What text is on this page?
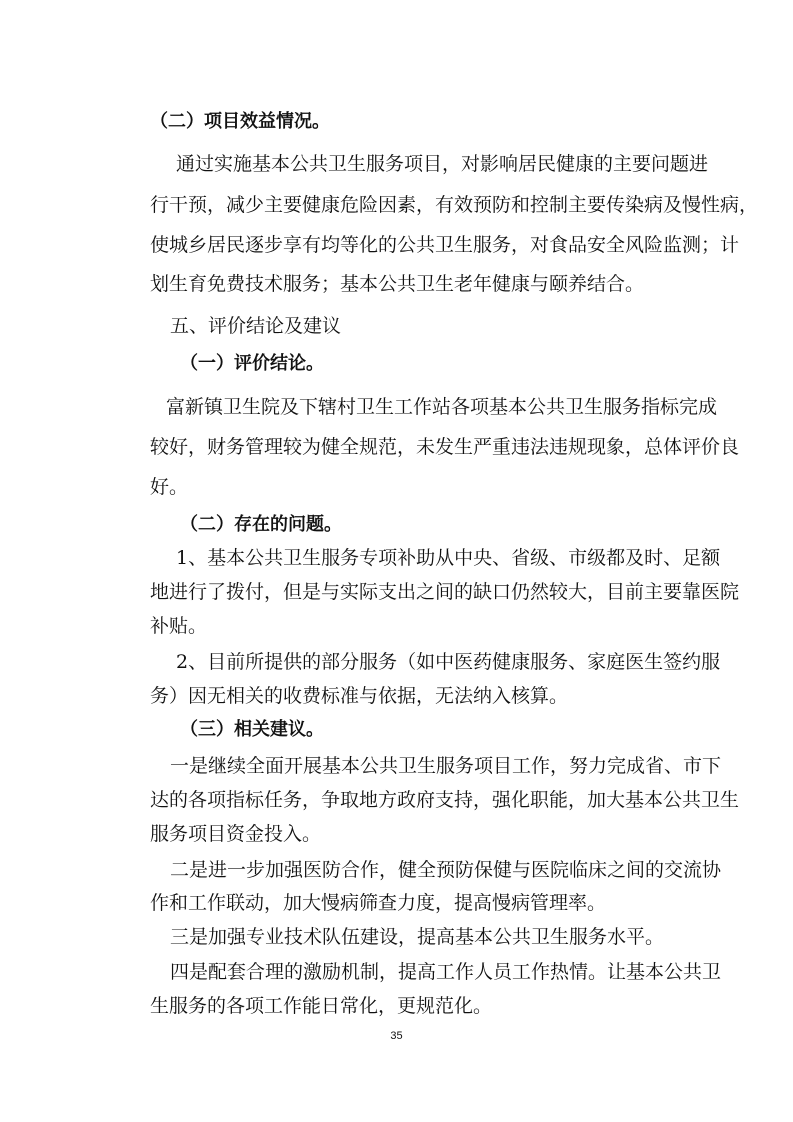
（二）项目效益情况。
通过实施基本公共卫生服务项目，对影响居民健康的主要问题进
行干预，减少主要健康危险因素，有效预防和控制主要传染病及慢性病，
使城乡居民逐步享有均等化的公共卫生服务，对食品安全风险监测；计
划生育免费技术服务；基本公共卫生老年健康与颐养结合。
五、评价结论及建议
（一）评价结论。
富新镇卫生院及下辖村卫生工作站各项基本公共卫生服务指标完成
较好，财务管理较为健全规范，未发生严重违法违规现象，总体评价良
好。
（二）存在的问题。
1、基本公共卫生服务专项补助从中央、省级、市级都及时、足额
地进行了拨付，但是与实际支出之间的缺口仍然较大，目前主要靠医院
补贴。
2、目前所提供的部分服务（如中医药健康服务、家庭医生签约服
务）因无相关的收费标准与依据，无法纳入核算。
（三）相关建议。
一是继续全面开展基本公共卫生服务项目工作，努力完成省、市下
达的各项指标任务，争取地方政府支持，强化职能，加大基本公共卫生
服务项目资金投入。
二是进一步加强医防合作，健全预防保健与医院临床之间的交流协
作和工作联动，加大慢病筛查力度，提高慢病管理率。
三是加强专业技术队伍建设，提高基本公共卫生服务水平。
四是配套合理的激励机制，提高工作人员工作热情。让基本公共卫
生服务的各项工作能日常化，更规范化。
35
